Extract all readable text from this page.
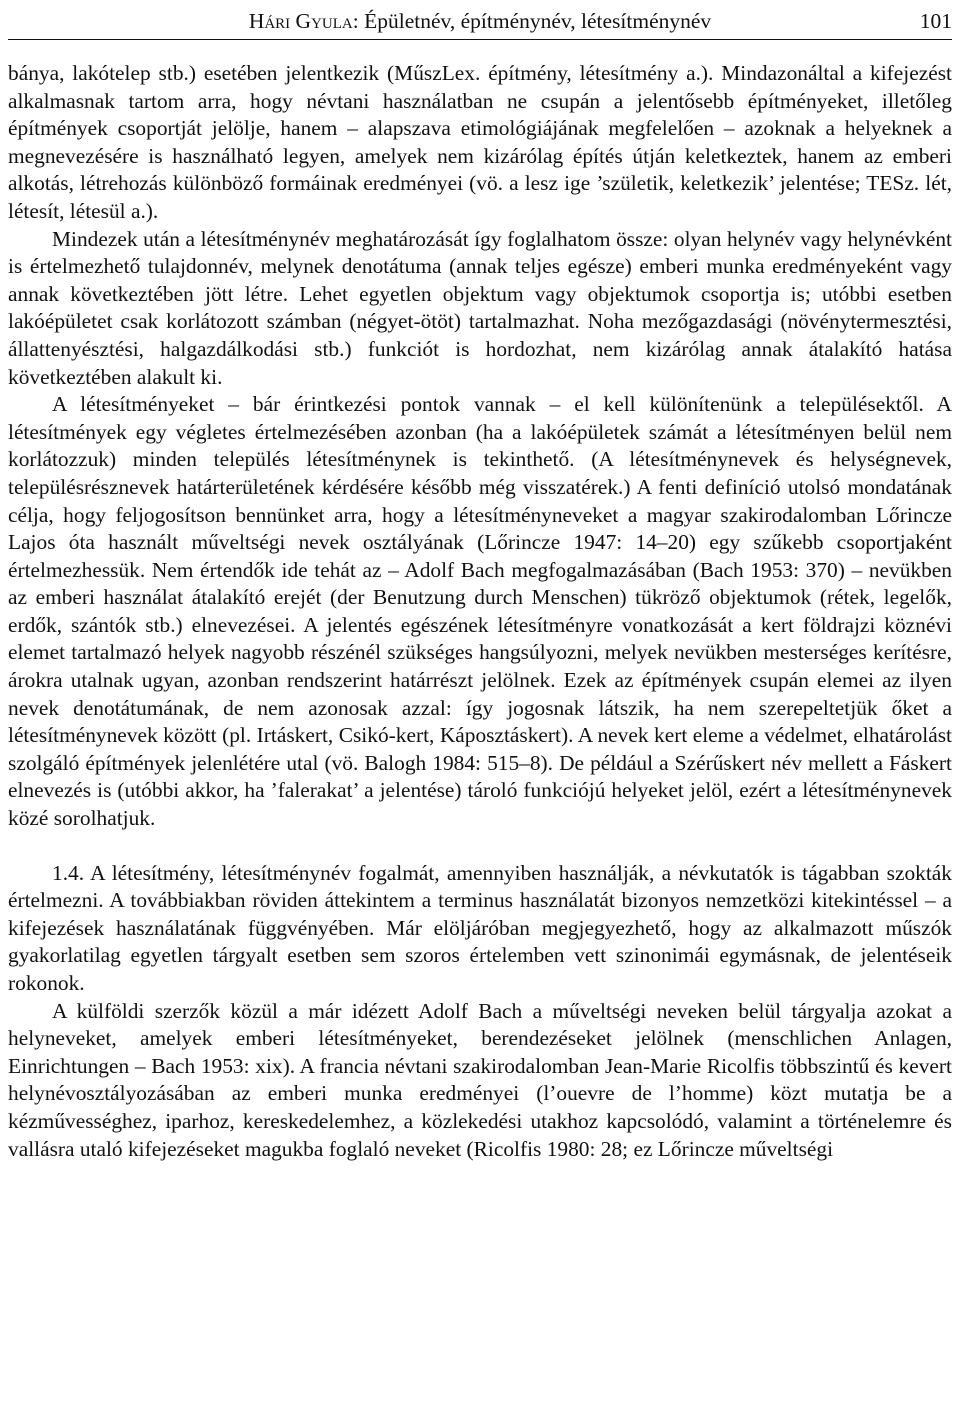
Hári Gyula: Épületnév, építménynév, létesítménynév	101

bánya, lakótelep stb.) esetében jelentkezik (MűszLex. építmény, létesítmény a.). Mindazonáltal a kifejezést alkalmasnak tartom arra, hogy névtani használatban ne csupán a jelentősebb építményeket, illetőleg építmények csoportját jelölje, hanem – alapszava etimológiájának megfelelően – azoknak a helyeknek a megnevezésére is használható legyen, amelyek nem kizárólag építés útján keletkeztek, hanem az emberi alkotás, létrehozás különböző formáinak eredményei (vö. a lesz ige ’születik, keletkezik’ jelentése; TESz. lét, létesít, létesül a.).

Mindezek után a létesítménynév meghatározását így foglalhatom össze: olyan helynév vagy helynévként is értelmezhető tulajdonnév, melynek denotátuma (annak teljes egésze) emberi munka eredményeként vagy annak következtében jött létre. Lehet egyetlen objektum vagy objektumok csoportja is; utóbbi esetben lakóépületet csak korlátozott számban (négyet-ötöt) tartalmazhat. Noha mezőgazdasági (növénytermesztési, állattenyésztési, halgazdálkodási stb.) funkciót is hordozhat, nem kizárólag annak átalakító hatása következtében alakult ki.

A létesítményeket – bár érintkezési pontok vannak – el kell különítenünk a településektől. A létesítmények egy végletes értelmezésében azonban (ha a lakóépületek számát a létesítményen belül nem korlátozzuk) minden település létesítménynek is tekinthető. (A létesítménynevek és helységnevek, településrésznevek határterületének kérdésére később még visszatérek.) A fenti definíció utolsó mondatának célja, hogy feljogosítson bennünket arra, hogy a létesítményneveket a magyar szakirodalomban Lőrincze Lajos óta használt műveltségi nevek osztályának (Lőrincze 1947: 14–20) egy szűkebb csoportjaként értelmezhessük. Nem értendők ide tehát az – Adolf Bach megfogalmazásában (Bach 1953: 370) – nevükben az emberi használat átalakító erejét (der Benutzung durch Menschen) tükröző objektumok (rétek, legelők, erdők, szántók stb.) elnevezései. A jelentés egészének létesítményre vonatkozását a kert földrajzi köznévi elemet tartalmazó helyek nagyobb részénél szükséges hangsúlyozni, melyek nevükben mesterséges kerítésre, árokra utalnak ugyan, azonban rendszerint határrészt jelölnek. Ezek az építmények csupán elemei az ilyen nevek denotátumának, de nem azonosak azzal: így jogosnak látszik, ha nem szerepeltetjük őket a létesítménynevek között (pl. Irtáskert, Csikó-kert, Káposztáskert). A nevek kert eleme a védelmet, elhatárolást szolgáló építmények jelenlétére utal (vö. Balogh 1984: 515–8). De például a Szérűskert név mellett a Fáskert elnevezés is (utóbbi akkor, ha ’falerakat’ a jelentése) tároló funkciójú helyeket jelöl, ezért a létesítménynevek közé sorolhatjuk.

1.4. A létesítmény, létesítménynév fogalmát, amennyiben használják, a névkutatók is tágabban szokták értelmezni. A továbbiakban röviden áttekintem a terminus használatát bizonyos nemzetközi kitekintéssel – a kifejezések használatának függvényében. Már elöljáróban megjegyezhető, hogy az alkalmazott műszók gyakorlatilag egyetlen tárgyalt esetben sem szoros értelemben vett szinonimái egymásnak, de jelentéseik rokonok.

A külföldi szerzők közül a már idézett Adolf Bach a műveltségi neveken belül tárgyalja azokat a helyneveket, amelyek emberi létesítményeket, berendezéseket jelölnek (menschlichen Anlagen, Einrichtungen – Bach 1953: xix). A francia névtani szakirodalomban Jean-Marie Ricolfis többszintű és kevert helynévosztályozásában az emberi munka eredményei (l’ouevre de l’homme) közt mutatja be a kézművességhez, iparhoz, kereskedelemhez, a közlekedési utakhoz kapcsolódó, valamint a történelemre és vallásra utaló kifejezéseket magukba foglaló neveket (Ricolfis 1980: 28; ez Lőrincze műveltségi
